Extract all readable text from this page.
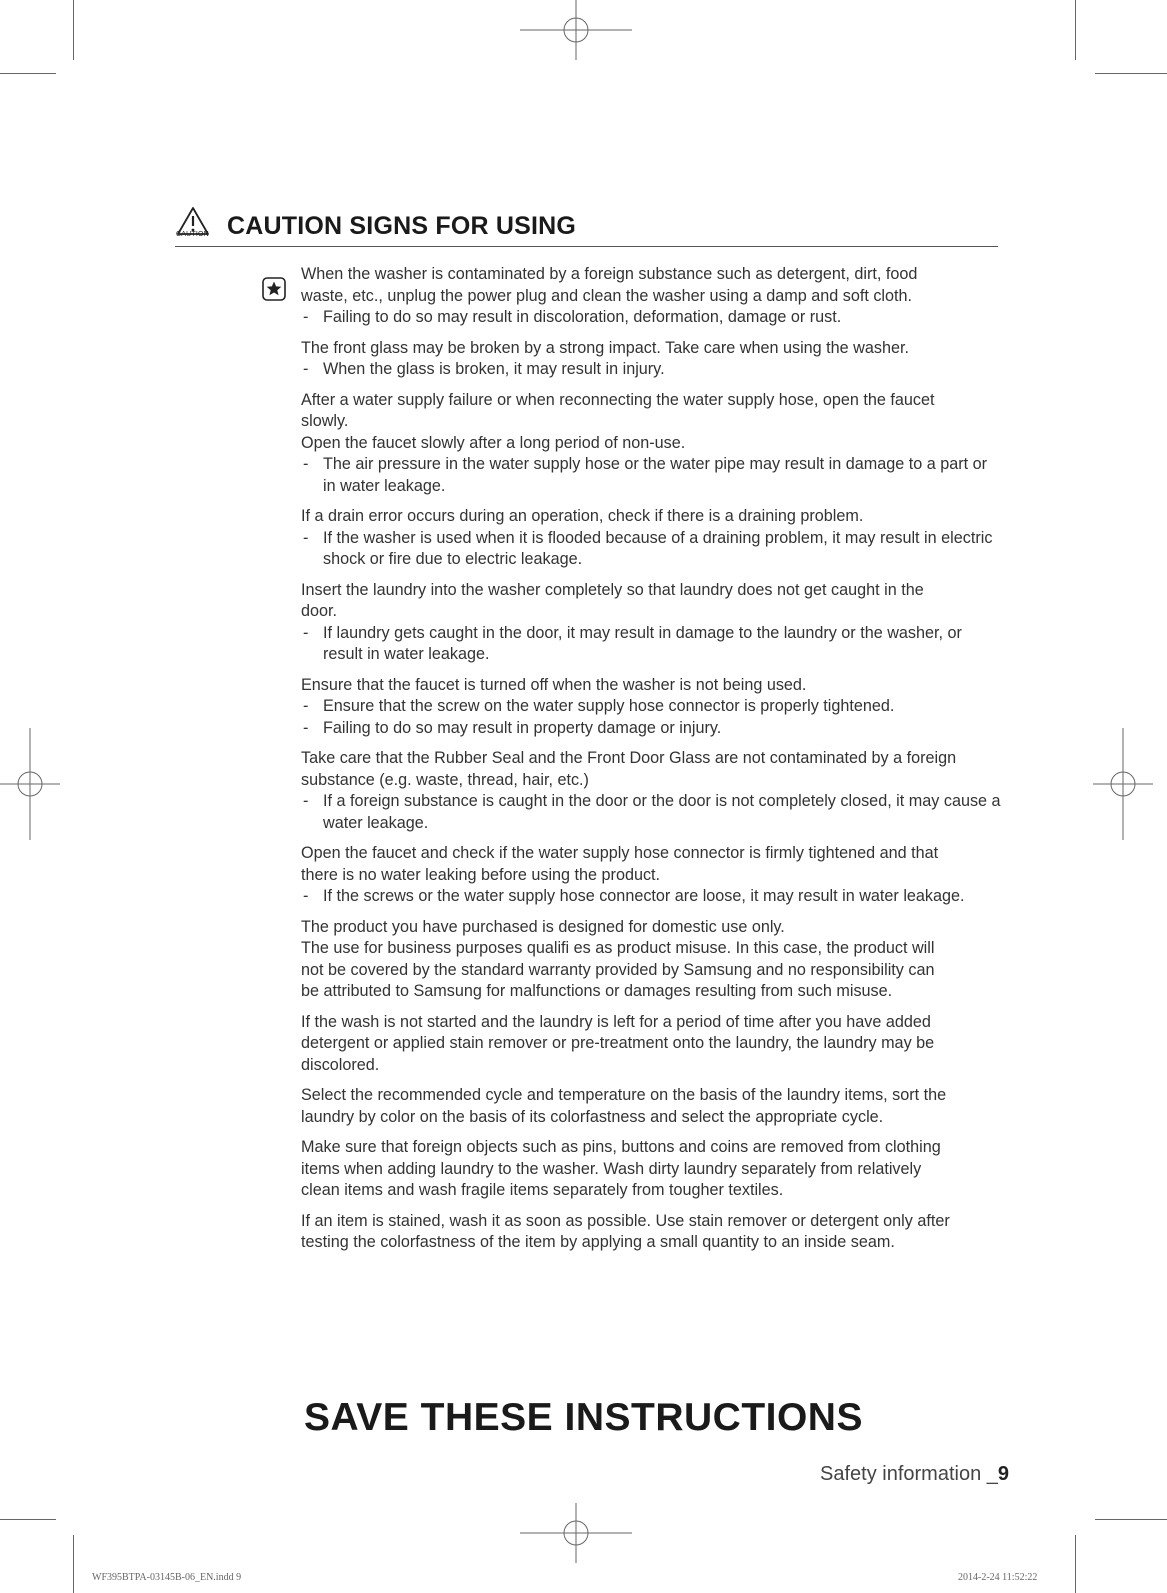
CAUTION CAUTION SIGNS FOR USING
When the washer is contaminated by a foreign substance such as detergent, dirt, food
waste, etc., unplug the power plug and clean the washer using a damp and soft cloth.
- Failing to do so may result in discoloration, deformation, damage or rust.
The front glass may be broken by a strong impact. Take care when using the washer.
- When the glass is broken, it may result in injury.
After a water supply failure or when reconnecting the water supply hose, open the faucet
slowly.
Open the faucet slowly after a long period of non-use.
- The air pressure in the water supply hose or the water pipe may result in damage to a part or in water leakage.
If a drain error occurs during an operation, check if there is a draining problem.
- If the washer is used when it is flooded because of a draining problem, it may result in electric shock or fire due to electric leakage.
Insert the laundry into the washer completely so that laundry does not get caught in the
door.
- If laundry gets caught in the door, it may result in damage to the laundry or the washer, or result in water leakage.
Ensure that the faucet is turned off when the washer is not being used.
- Ensure that the screw on the water supply hose connector is properly tightened.
- Failing to do so may result in property damage or injury.
Take care that the Rubber Seal and the Front Door Glass are not contaminated by a foreign
substance (e.g. waste, thread, hair, etc.)
- If a foreign substance is caught in the door or the door is not completely closed, it may cause a water leakage.
Open the faucet and check if the water supply hose connector is firmly tightened and that
there is no water leaking before using the product.
- If the screws or the water supply hose connector are loose, it may result in water leakage.
The product you have purchased is designed for domestic use only.
The use for business purposes qualifi es as product misuse. In this case, the product will
not be covered by the standard warranty provided by Samsung and no responsibility can
be attributed to Samsung for malfunctions or damages resulting from such misuse.
If the wash is not started and the laundry is left for a period of time after you have added
detergent or applied stain remover or pre-treatment onto the laundry, the laundry may be
discolored.
Select the recommended cycle and temperature on the basis of the laundry items, sort the
laundry by color on the basis of its colorfastness and select the appropriate cycle.
Make sure that foreign objects such as pins, buttons and coins are removed from clothing
items when adding laundry to the washer. Wash dirty laundry separately from relatively
clean items and wash fragile items separately from tougher textiles.
If an item is stained, wash it as soon as possible. Use stain remover or detergent only after
testing the colorfastness of the item by applying a small quantity to an inside seam.
SAVE THESE INSTRUCTIONS
Safety information _9
WF395BTPA-03145B-06_EN.indd 9	2014-2-24 11:52:22
